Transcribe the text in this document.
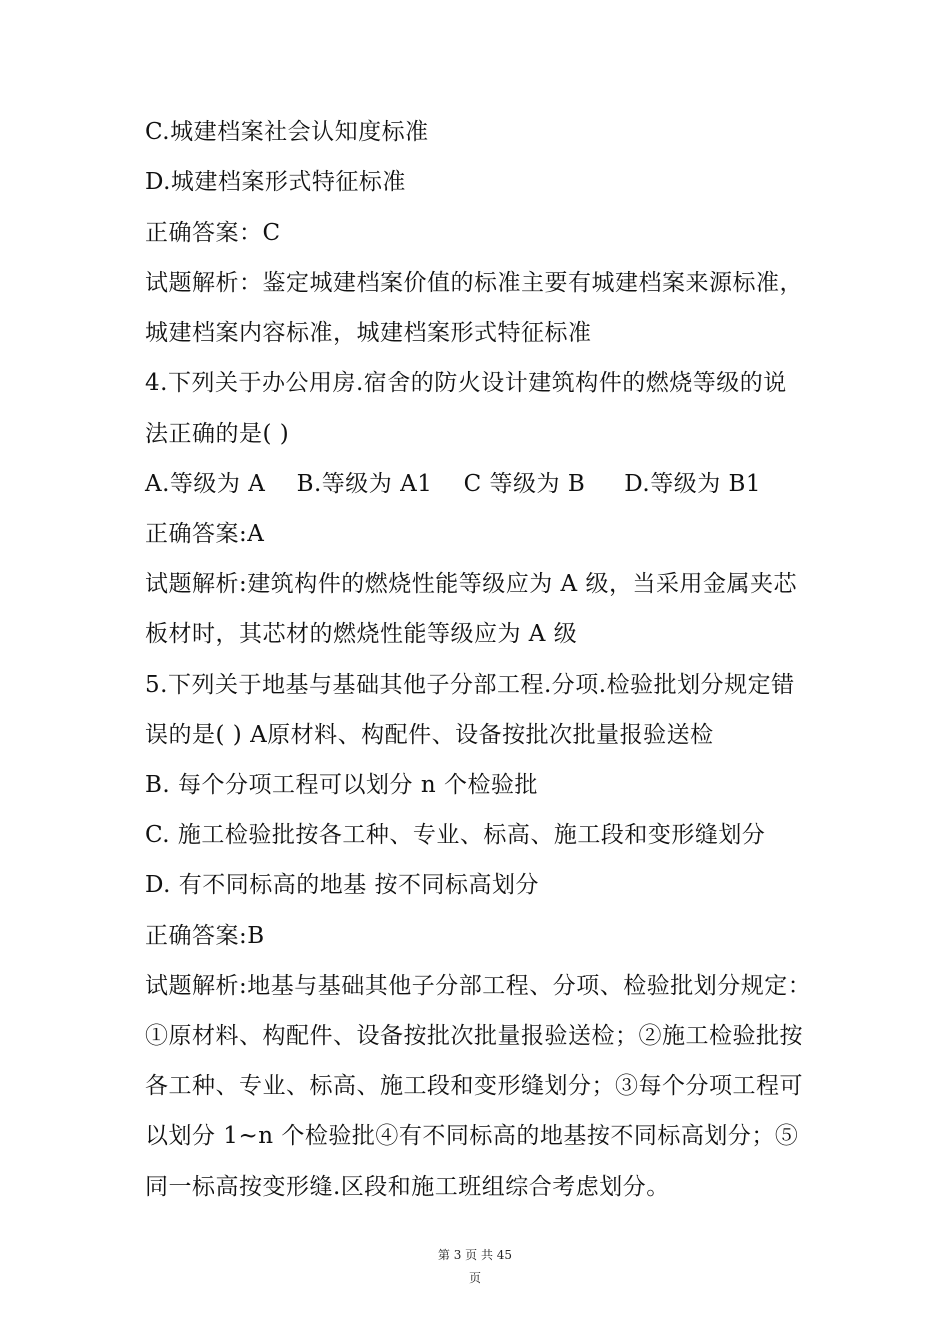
C.城建档案社会认知度标准
D.城建档案形式特征标准
正确答案：C
试题解析：鉴定城建档案价值的标准主要有城建档案来源标准，
城建档案内容标准，城建档案形式特征标准
4.下列关于办公用房.宿舍的防火设计建筑构件的燃烧等级的说
法正确的是( )
A.等级为 A    B.等级为 A1    C 等级为 B     D.等级为 B1
正确答案:A
试题解析:建筑构件的燃烧性能等级应为 A 级，当采用金属夹芯
板材时，其芯材的燃烧性能等级应为 A 级
5.下列关于地基与基础其他子分部工程.分项.检验批划分规定错
误的是( ) A原材料、构配件、设备按批次批量报验送检
B. 每个分项工程可以划分 n 个检验批
C. 施工检验批按各工种、专业、标高、施工段和变形缝划分
D. 有不同标高的地基 按不同标高划分
正确答案:B
试题解析:地基与基础其他子分部工程、分项、检验批划分规定：
①原材料、构配件、设备按批次批量报验送检；②施工检验批按
各工种、专业、标高、施工段和变形缝划分；③每个分项工程可
以划分 1~n 个检验批④有不同标高的地基按不同标高划分；⑤
同一标高按变形缝.区段和施工班组综合考虑划分。
第 3 页 共 45
页
